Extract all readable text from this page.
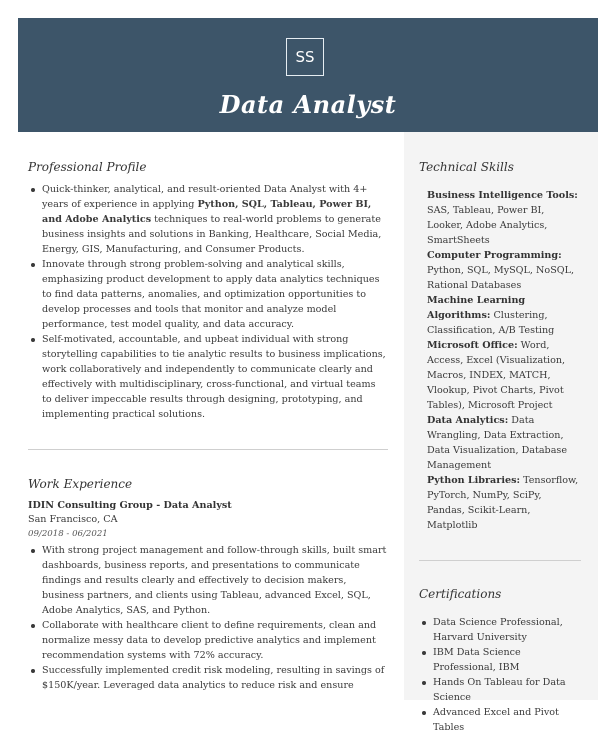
SS
Data Analyst
Professional Profile
Quick-thinker, analytical, and result-oriented Data Analyst with 4+ years of experience in applying Python, SQL, Tableau, Power BI, and Adobe Analytics techniques to real-world problems to generate business insights and solutions in Banking, Healthcare, Social Media, Energy, GIS, Manufacturing, and Consumer Products.
Innovate through strong problem-solving and analytical skills, emphasizing product development to apply data analytics techniques to find data patterns, anomalies, and optimization opportunities to develop processes and tools that monitor and analyze model performance, test model quality, and data accuracy.
Self-motivated, accountable, and upbeat individual with strong storytelling capabilities to tie analytic results to business implications, work collaboratively and independently to communicate clearly and effectively with multidisciplinary, cross-functional, and virtual teams to deliver impeccable results through designing, prototyping, and implementing practical solutions.
Work Experience
IDIN Consulting Group - Data Analyst
San Francisco, CA
09/2018 - 06/2021
With strong project management and follow-through skills, built smart dashboards, business reports, and presentations to communicate findings and results clearly and effectively to decision makers, business partners, and clients using Tableau, advanced Excel, SQL, Adobe Analytics, SAS, and Python.
Collaborate with healthcare client to define requirements, clean and normalize messy data to develop predictive analytics and implement recommendation systems with 72% accuracy.
Successfully implemented credit risk modeling, resulting in savings of $150K/year. Leveraged data analytics to reduce risk and ensure
Technical Skills
Business Intelligence Tools: SAS, Tableau, Power BI, Looker, Adobe Analytics, SmartSheets
Computer Programming: Python, SQL, MySQL, NoSQL, Rational Databases
Machine Learning Algorithms: Clustering, Classification, A/B Testing
Microsoft Office: Word, Access, Excel (Visualization, Macros, INDEX, MATCH, Vlookup, Pivot Charts, Pivot Tables), Microsoft Project
Data Analytics: Data Wrangling, Data Extraction, Data Visualization, Database Management
Python Libraries: Tensorflow, PyTorch, NumPy, SciPy, Pandas, Scikit-Learn, Matplotlib
Certifications
Data Science Professional, Harvard University
IBM Data Science Professional, IBM
Hands On Tableau for Data Science
Advanced Excel and Pivot Tables
